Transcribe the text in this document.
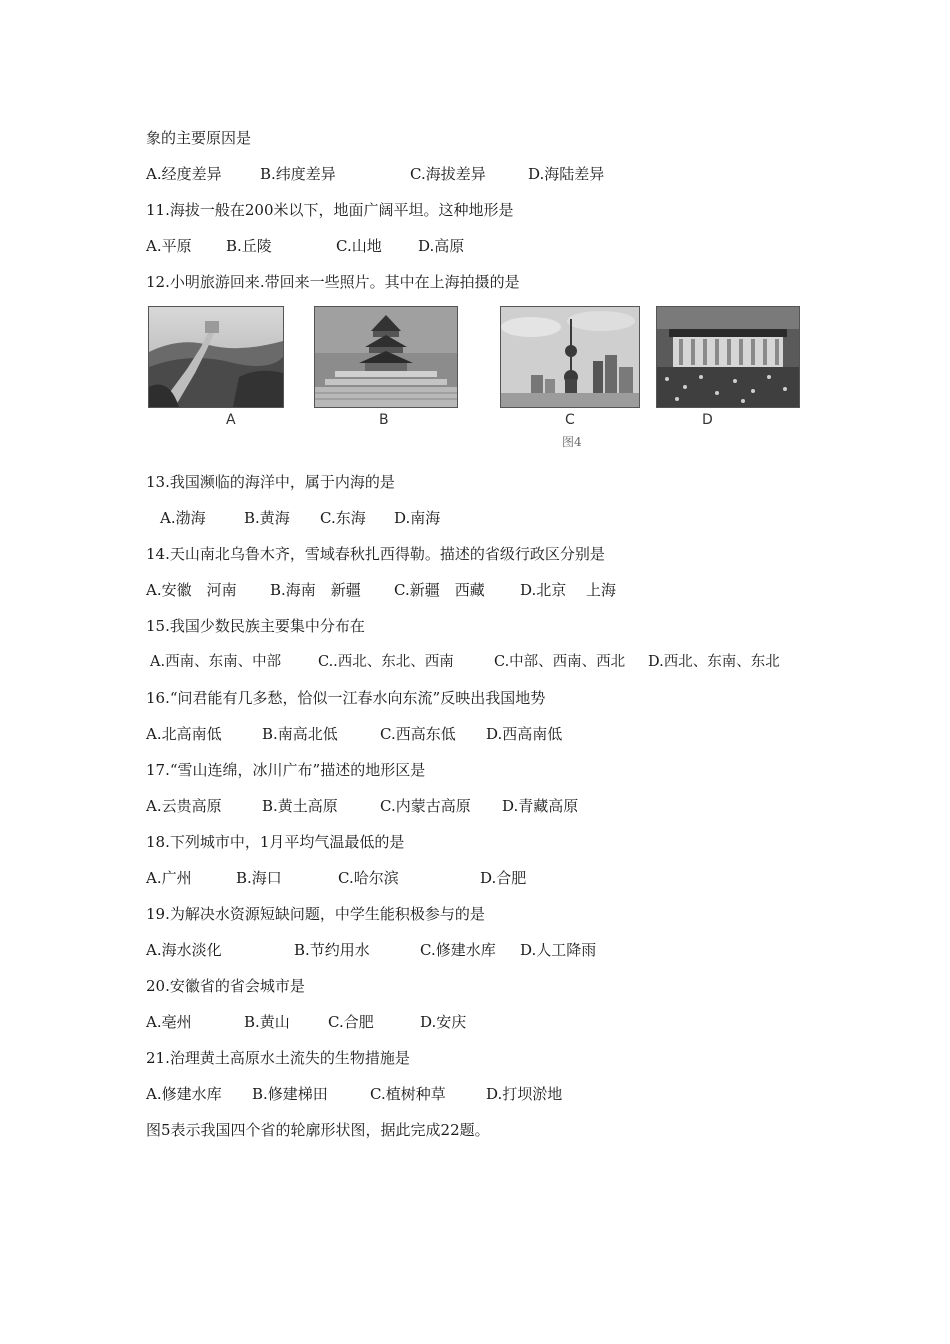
象的主要原因是
A.经度差异	B.纬度差异	C.海拔差异	D.海陆差异
11.海拔一般在200米以下，地面广阔平坦。这种地形是
A.平原 B.丘陵	C.山地 D.高原
12.小明旅游回来.带回来一些照片。其中在上海拍摄的是
A	B	C	D
图4
13.我国濒临的海洋中，属于内海的是
A.渤海	B.黄海 C.东海 D.南海
14.天山南北乌鲁木齐，雪域春秋扎西得勒。描述的省级行政区分别是
A.安徽　河南 B.海南　新疆 C.新疆　西藏 D.北京　 上海
15.我国少数民族主要集中分布在
A.西南、东南、中部	C..西北、东北、西南	C.中部、西南、西北 D.西北、东南、东北
16.“问君能有几多愁，恰似一江春水向东流”反映出我国地势
A.北高南低	B.南高北低	C.西高东低 D.西高南低
17.“雪山连绵，冰川广布”描述的地形区是
A.云贵高原	B.黄土高原	C.内蒙古高原 D.青藏高原
18.下列城市中，1月平均气温最低的是
A.广州	B.海口	C.哈尔滨	D.合肥
19.为解决水资源短缺问题，中学生能积极参与的是
A.海水淡化	B.节约用水	C.修建水库 D.人工降雨
20.安徽省的省会城市是
A.亳州	B.黄山	C.合肥	D.安庆
21.治理黄土高原水土流失的生物措施是
A.修建水库 B.修建梯田	C.植树种草	D.打坝淤地
图5表示我国四个省的轮廓形状图，据此完成22题。
